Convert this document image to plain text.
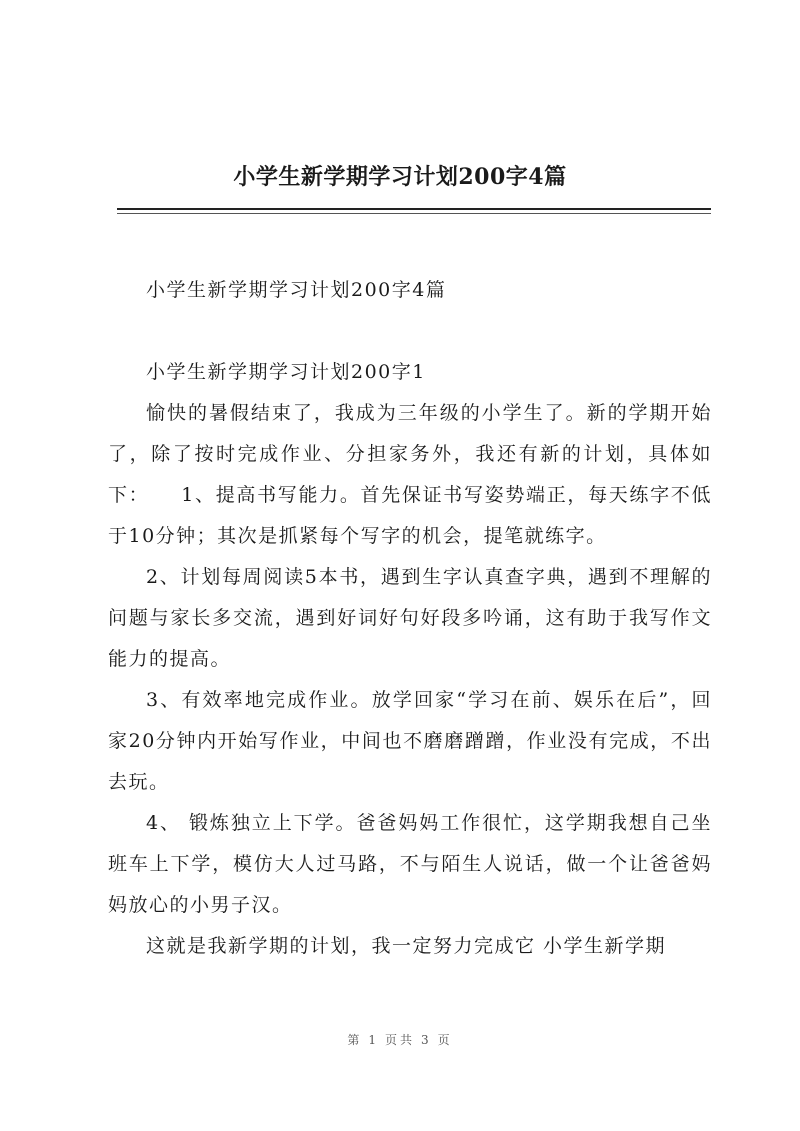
小学生新学期学习计划200字4篇

小学生新学期学习计划200字4篇

小学生新学期学习计划200字1

愉快的暑假结束了，我成为三年级的小学生了。新的学期开始了，除了按时完成作业、分担家务外，我还有新的计划，具体如下：　　1、提高书写能力。首先保证书写姿势端正，每天练字不低于10分钟；其次是抓紧每个写字的机会，提笔就练字。

2、计划每周阅读5本书，遇到生字认真查字典，遇到不理解的问题与家长多交流，遇到好词好句好段多吟诵，这有助于我写作文能力的提高。

3、有效率地完成作业。放学回家“学习在前、娱乐在后”，回家20分钟内开始写作业，中间也不磨磨蹭蹭，作业没有完成，不出去玩。

4、 锻炼独立上下学。爸爸妈妈工作很忙，这学期我想自己坐班车上下学，模仿大人过马路，不与陌生人说话，做一个让爸爸妈妈放心的小男子汉。

这就是我新学期的计划，我一定努力完成它 小学生新学期

第 1 页共 3 页
